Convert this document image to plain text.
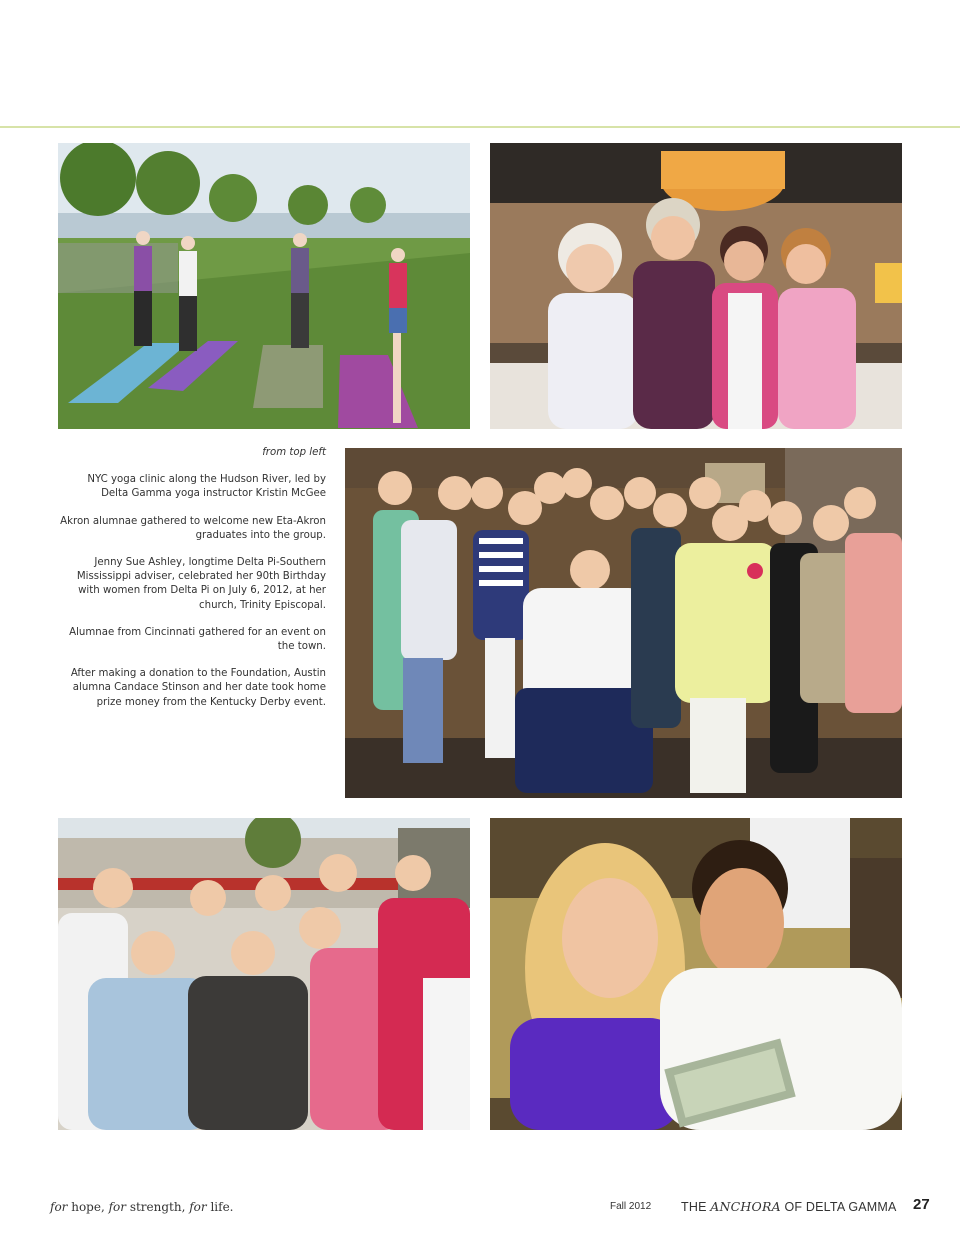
from top left

NYC yoga clinic along the Hudson River, led by Delta Gamma yoga instructor Kristin McGee

Akron alumnae gathered to welcome new Eta-Akron graduates into the group.

Jenny Sue Ashley, longtime Delta Pi-Southern Mississippi adviser, celebrated her 90th Birthday with women from Delta Pi on July 6, 2012, at her church, Trinity Episcopal.

Alumnae from Cincinnati gathered for an event on the town.

After making a donation to the Foundation, Austin alumna Candace Stinson and her date took home prize money from the Kentucky Derby event.

for hope, for strength, for life.	Fall 2012 THE ANCHORA OF DELTA GAMMA 27
